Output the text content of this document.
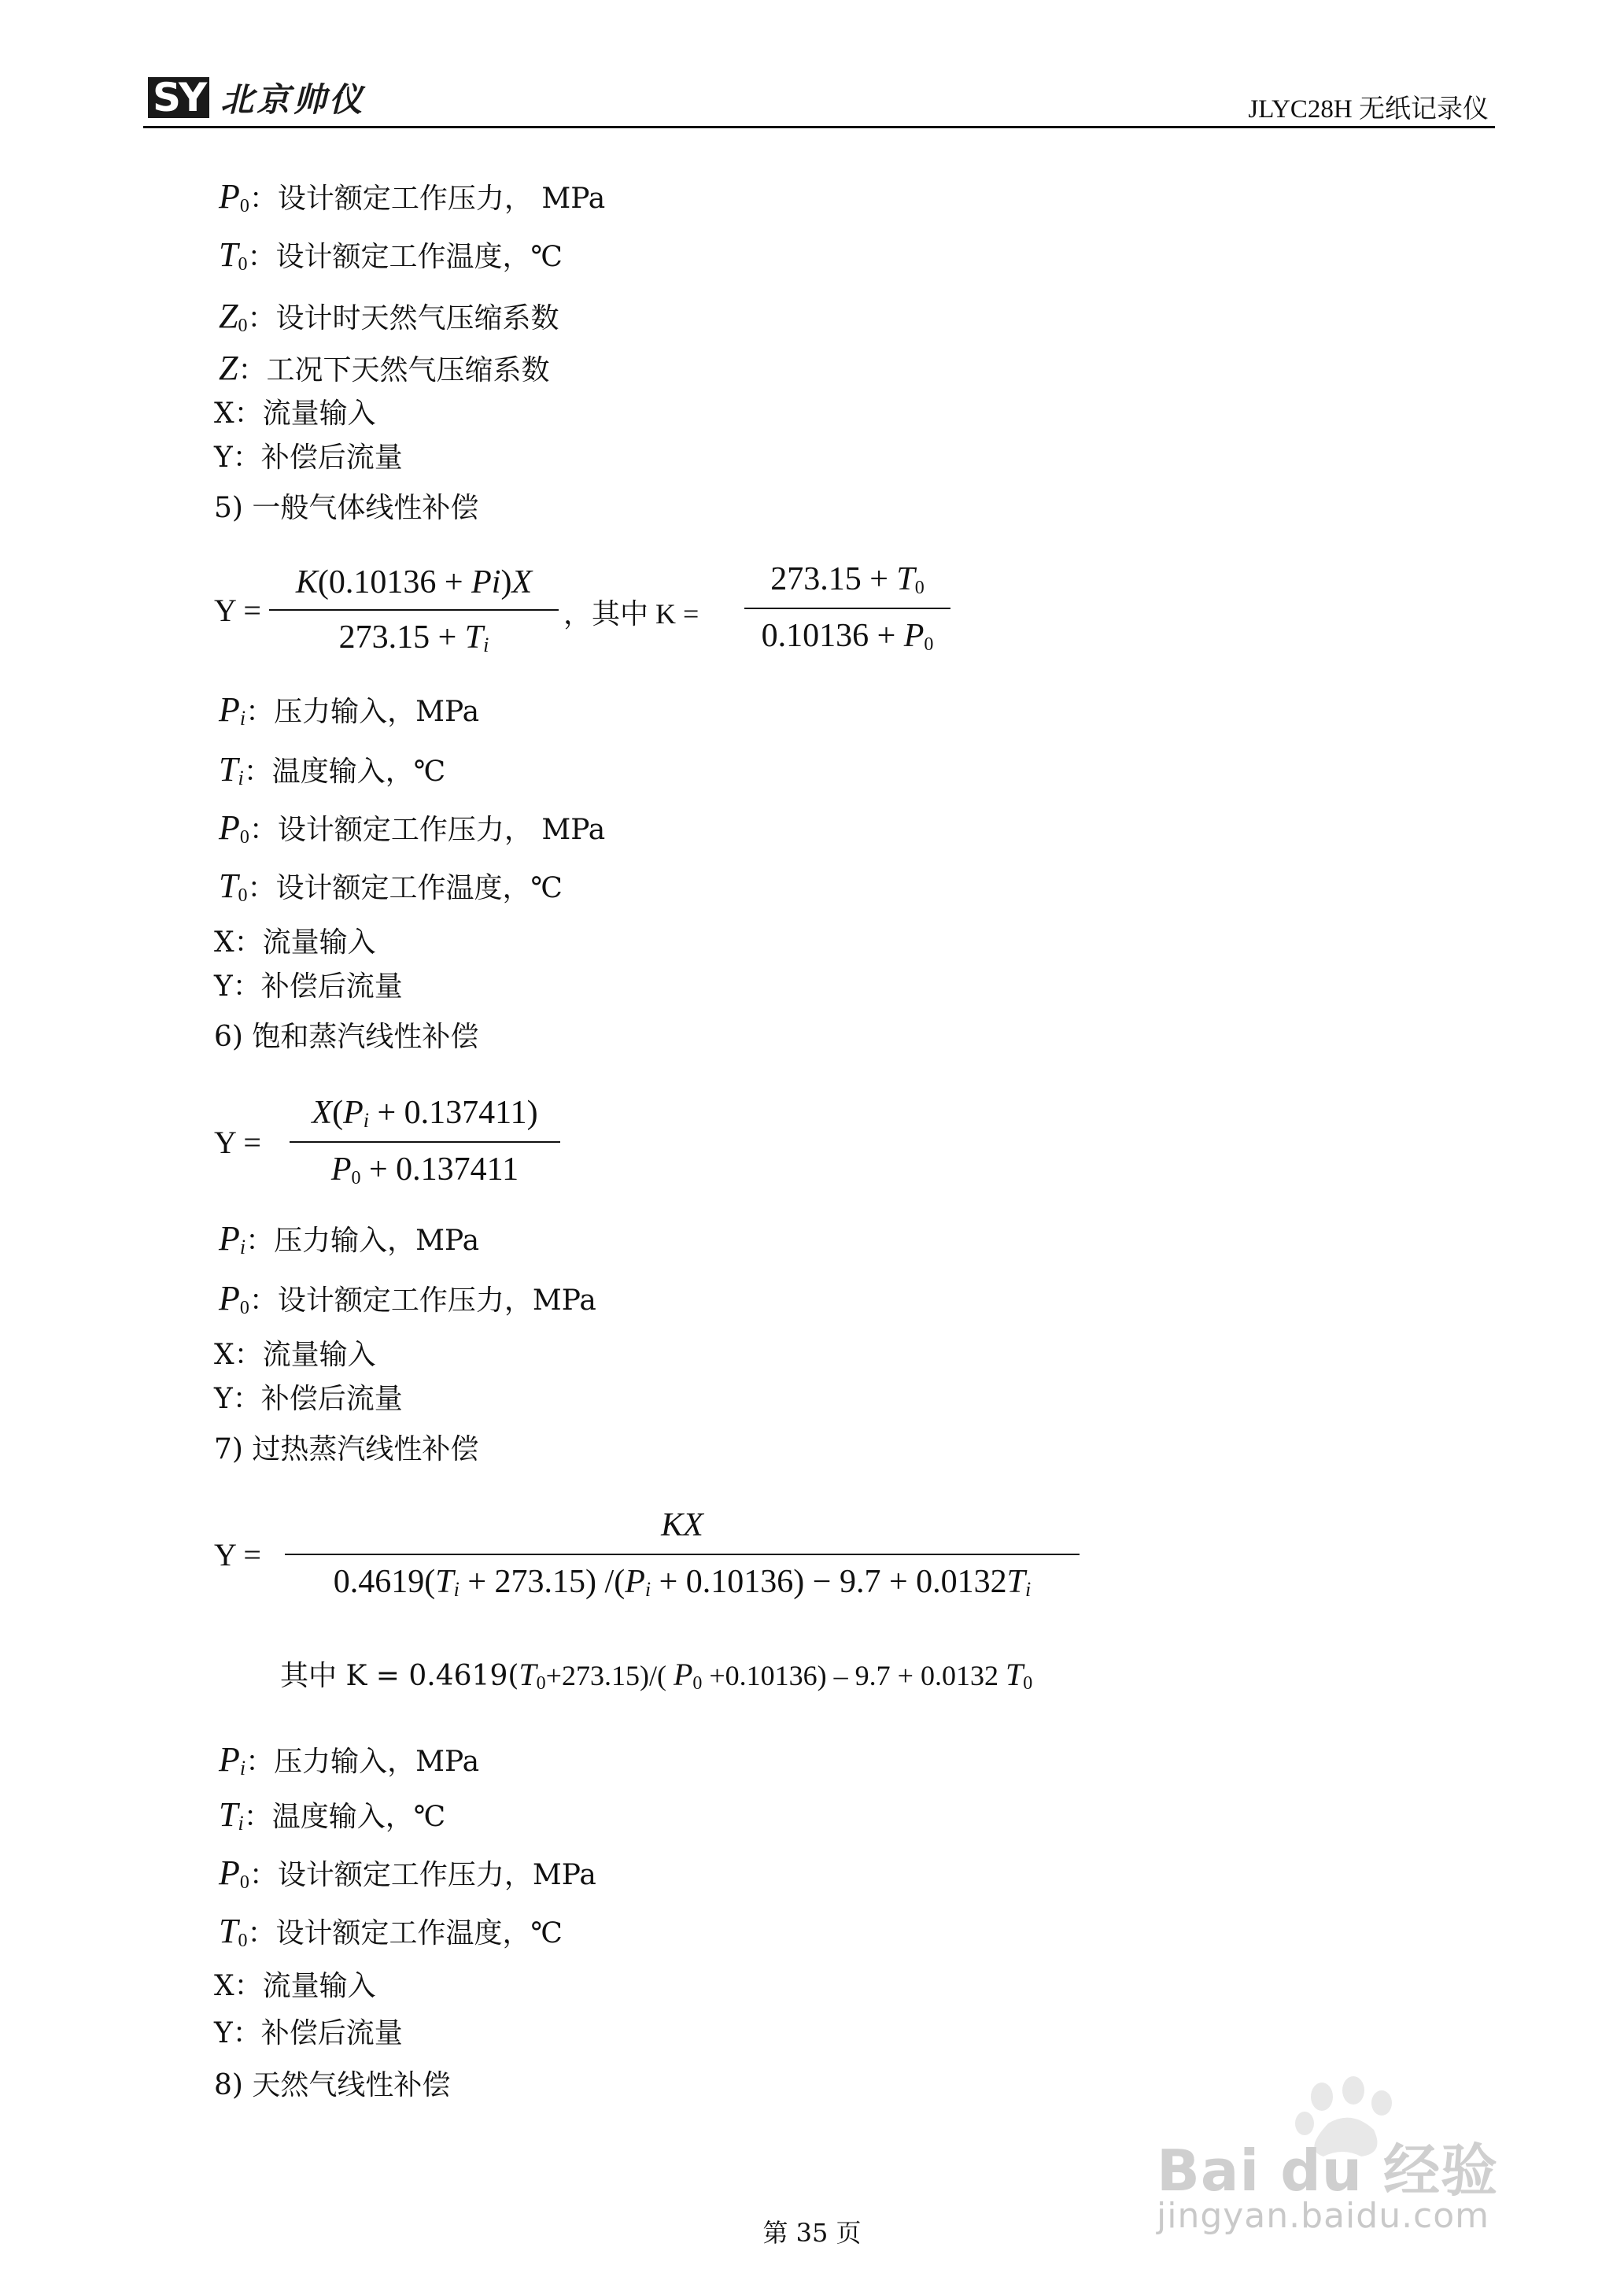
SY 北京帅仪	JLYC28H 无纸记录仪
P0：设计额定工作压力， MPa
T0：设计额定工作温度，℃
Z0：设计时天然气压缩系数
Z：工况下天然气压缩系数
X：流量输入
Y：补偿后流量
5) 一般气体线性补偿
Y =
K(0.10136 + Pi)X
273.15 + Ti
，其中 K =
273.15 + T0
0.10136 + P0
Pi：压力输入，MPa
Ti：温度输入，℃
P0：设计额定工作压力， MPa
T0：设计额定工作温度，℃
X：流量输入
Y：补偿后流量
6) 饱和蒸汽线性补偿
Y =
X(Pi + 0.137411)
P0 + 0.137411
Pi：压力输入，MPa
P0：设计额定工作压力，MPa
X：流量输入
Y：补偿后流量
7) 过热蒸汽线性补偿
Y =
KX
0.4619(Ti + 273.15) /(Pi + 0.10136) − 9.7 + 0.0132Ti
其中 K = 0.4619(T0+273.15)/( P0 +0.10136) – 9.7 + 0.0132 T0
Pi：压力输入，MPa
Ti：温度输入，℃
P0：设计额定工作压力，MPa
T0：设计额定工作温度，℃
X：流量输入
Y：补偿后流量
8) 天然气线性补偿
Bai du 经验
jingyan.baidu.com
第 35 页
